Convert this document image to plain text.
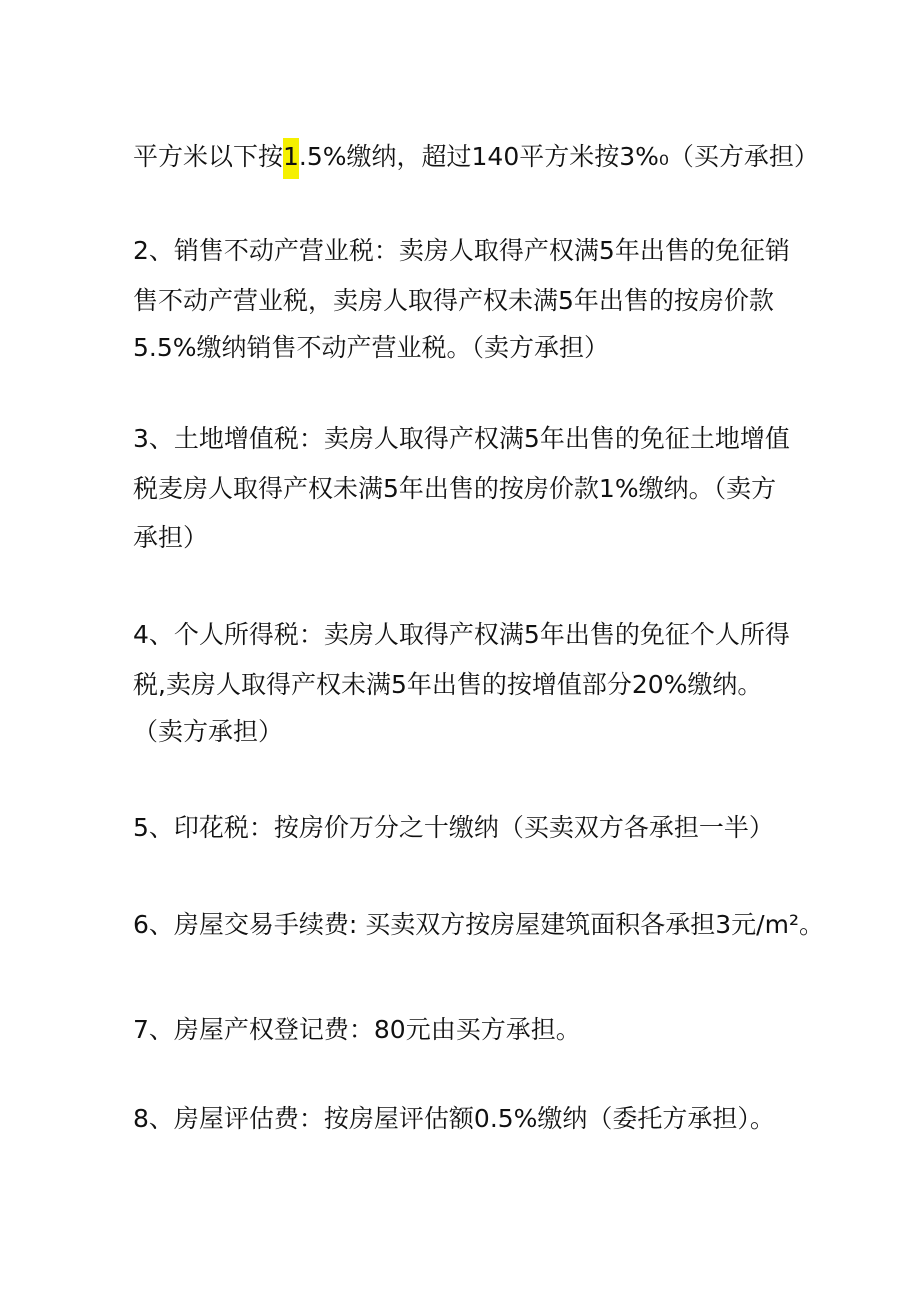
平方米以下按1.5%缴纳，超过140平方米按3%₀（买方承担）
2、销售不动产营业税：卖房人取得产权满5年出售的免征销
售不动产营业税，卖房人取得产权未满5年出售的按房价款
5.5%缴纳销售不动产营业税。（卖方承担）
3、土地增值税：卖房人取得产权满5年出售的免征土地增值
税麦房人取得产权未满5年出售的按房价款1%缴纳。（卖方
承担）
4、个人所得税：卖房人取得产权满5年出售的免征个人所得
税,卖房人取得产权未满5年出售的按增值部分20%缴纳。
（卖方承担）
5、印花税：按房价万分之十缴纳（买卖双方各承担一半）
6、房屋交易手续费: 买卖双方按房屋建筑面积各承担3元/m²。
7、房屋产权登记费：80元由买方承担。
8、房屋评估费：按房屋评估额0.5%缴纳（委托方承担）。
